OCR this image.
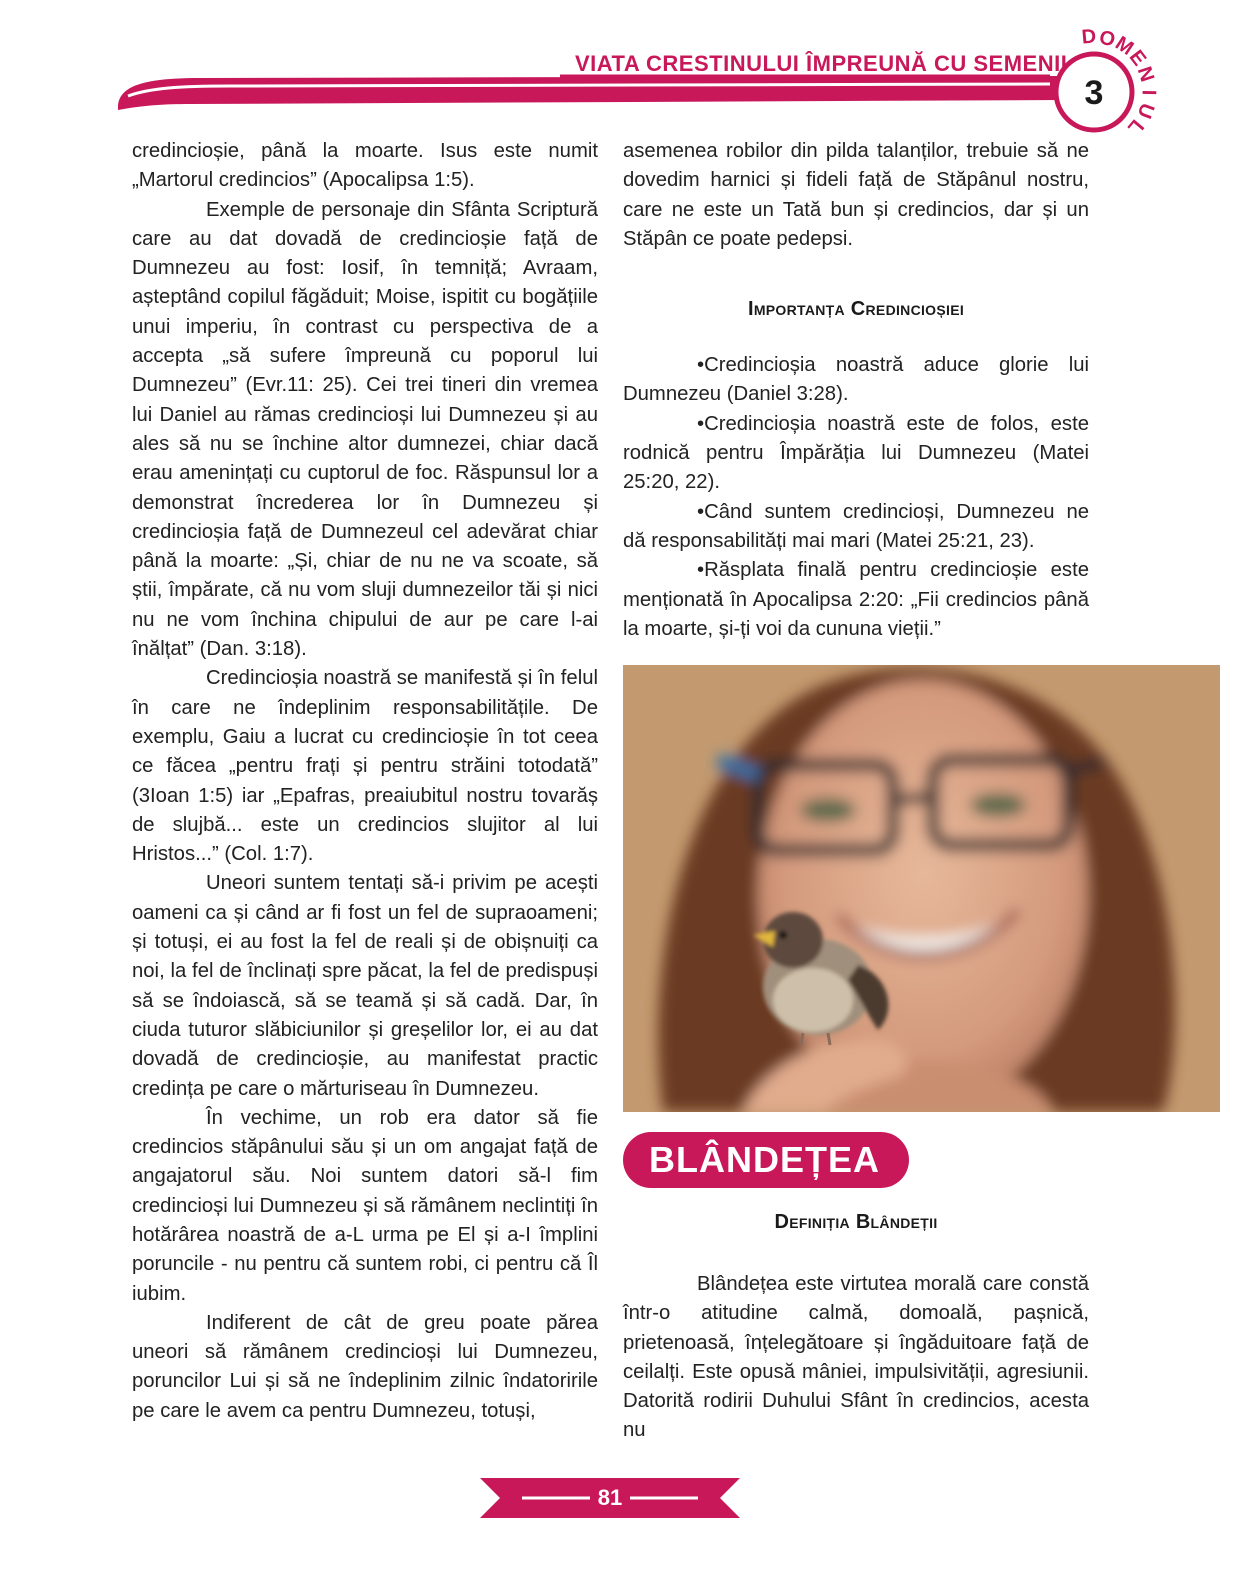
VIATA CRESTINULUI ÎMPREUNĂ CU SEMENII
3
D O
M
E
N
I
U
L

credincioșie, până la moarte. Isus este numit „Martorul credincios” (Apocalipsa 1:5).

Exemple de personaje din Sfânta Scriptură care au dat dovadă de credincioșie față de Dumnezeu au fost: Iosif, în temniță; Avraam, așteptând copilul făgăduit; Moise, ispitit cu bogățiile unui imperiu, în contrast cu perspectiva de a accepta „să sufere împreună cu poporul lui Dumnezeu” (Evr.11: 25). Cei trei tineri din vremea lui Daniel au rămas credincioși lui Dumnezeu și au ales să nu se închine altor dumnezei, chiar dacă erau amenințați cu cuptorul de foc. Răspunsul lor a demonstrat încrederea lor în Dumnezeu și credincioșia față de Dumnezeul cel adevărat chiar până la moarte: „Și, chiar de nu ne va scoate, să știi, împărate, că nu vom sluji dumnezeilor tăi și nici nu ne vom închina chipului de aur pe care l-ai înălțat” (Dan. 3:18).

Credincioșia noastră se manifestă și în felul în care ne îndeplinim responsabilitățile. De exemplu, Gaiu a lucrat cu credincioșie în tot ceea ce făcea „pentru frați și pentru străini totodată” (3Ioan 1:5) iar „Epafras, preaiubitul nostru tovarăș de slujbă... este un credincios slujitor al lui Hristos...” (Col. 1:7).

Uneori suntem tentați să-i privim pe acești oameni ca și când ar fi fost un fel de supraoameni; și totuși, ei au fost la fel de reali și de obișnuiți ca noi, la fel de înclinați spre păcat, la fel de predispuși să se îndoiască, să se teamă și să cadă. Dar, în ciuda tuturor slăbiciunilor și greșelilor lor, ei au dat dovadă de credincioșie, au manifestat practic credința pe care o mărturiseau în Dumnezeu.

În vechime, un rob era dator să fie credincios stăpânului său și un om angajat față de angajatorul său. Noi suntem datori să-l fim credincioși lui Dumnezeu și să rămânem neclintiți în hotărârea noastră de a-L urma pe El și a-I împlini poruncile - nu pentru că suntem robi, ci pentru că Îl iubim.

Indiferent de cât de greu poate părea uneori să rămânem credincioși lui Dumnezeu, poruncilor Lui și să ne îndeplinim zilnic îndatoririle pe care le avem ca pentru Dumnezeu, totuși,

asemenea robilor din pilda talanților, trebuie să ne dovedim harnici și fideli față de Stăpânul nostru, care ne este un Tată bun și credincios, dar și un Stăpân ce poate pedepsi.

Importanța Credincioșiei

•Credincioșia noastră aduce glorie lui Dumnezeu (Daniel 3:28).

•Credincioșia noastră este de folos, este rodnică pentru Împărăția lui Dumnezeu (Matei 25:20, 22).

•Când suntem credincioși, Dumnezeu ne dă responsabilități mai mari (Matei 25:21, 23).

•Răsplata finală pentru credincioșie este menționată în Apocalipsa 2:20: „Fii credincios până la moarte, și-ți voi da cununa vieții.”

BLÂNDEȚEA

Definiția Blândeții

Blândețea este virtutea morală care constă într-o atitudine calmă, domoală, pașnică, prietenoasă, înțelegătoare și îngăduitoare față de ceilalți. Este opusă mâniei, impulsivității, agresiunii. Datorită rodirii Duhului Sfânt în credincios, acesta nu

81
